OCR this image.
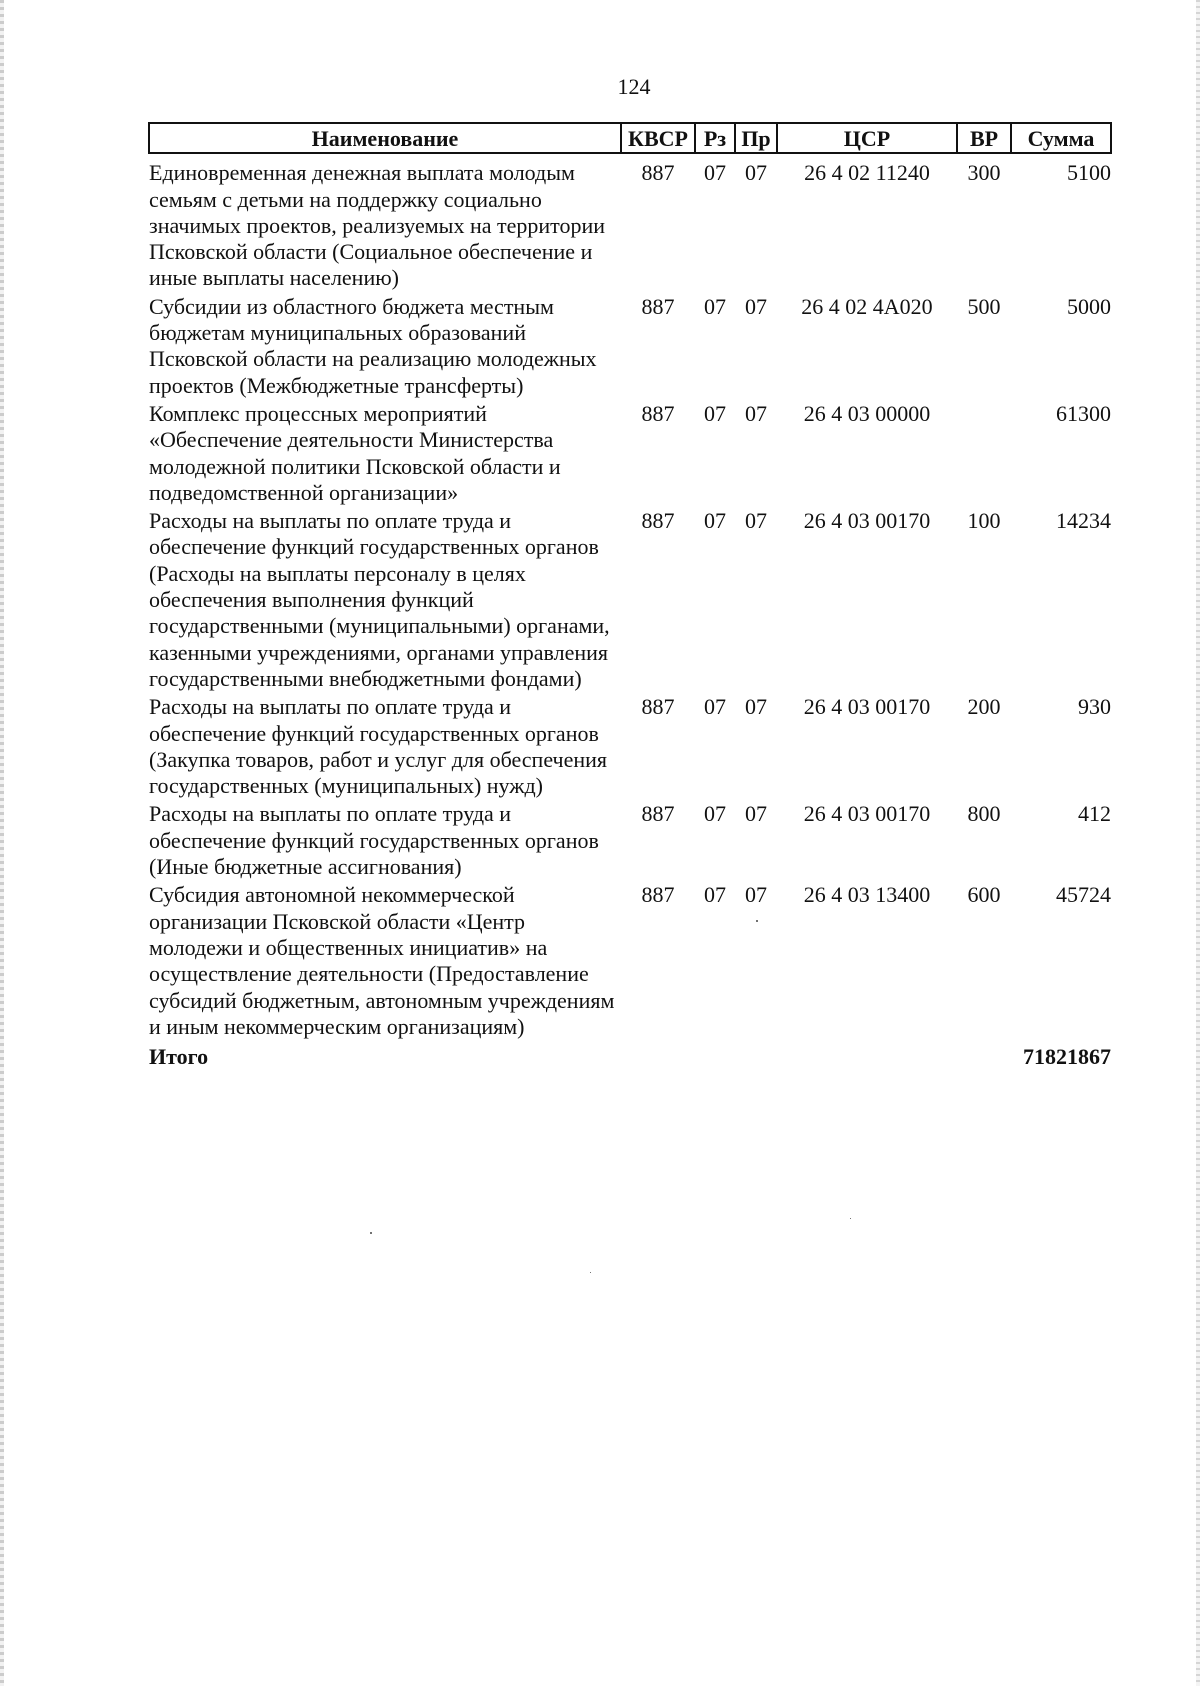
124
Наименование	КВСР	Рз	Пр	ЦСР	ВР	Сумма
Единовременная денежная выплата молодым семьям с детьми на поддержку социально значимых проектов, реализуемых на территории Псковской области (Социальное обеспечение и иные выплаты населению)	887	07	07	26 4 02 11240	300	5100
Субсидии из областного бюджета местным бюджетам муниципальных образований Псковской области на реализацию молодежных проектов (Межбюджетные трансферты)	887	07	07	26 4 02 4А020	500	5000
Комплекс процессных мероприятий «Обеспечение деятельности Министерства молодежной политики Псковской области и подведомственной организации»	887	07	07	26 4 03 00000		61300
Расходы на выплаты по оплате труда и обеспечение функций государственных органов (Расходы на выплаты персоналу в целях обеспечения выполнения функций государственными (муниципальными) органами, казенными учреждениями, органами управления государственными внебюджетными фондами)	887	07	07	26 4 03 00170	100	14234
Расходы на выплаты по оплате труда и обеспечение функций государственных органов (Закупка товаров, работ и услуг для обеспечения государственных (муниципальных) нужд)	887	07	07	26 4 03 00170	200	930
Расходы на выплаты по оплате труда и обеспечение функций государственных органов (Иные бюджетные ассигнования)	887	07	07	26 4 03 00170	800	412
Субсидия автономной некоммерческой организации Псковской области «Центр молодежи и общественных инициатив» на осуществление деятельности (Предоставление субсидий бюджетным, автономным учреждениям и иным некоммерческим организациям)	887	07	07	26 4 03 13400	600	45724
Итого						71821867
